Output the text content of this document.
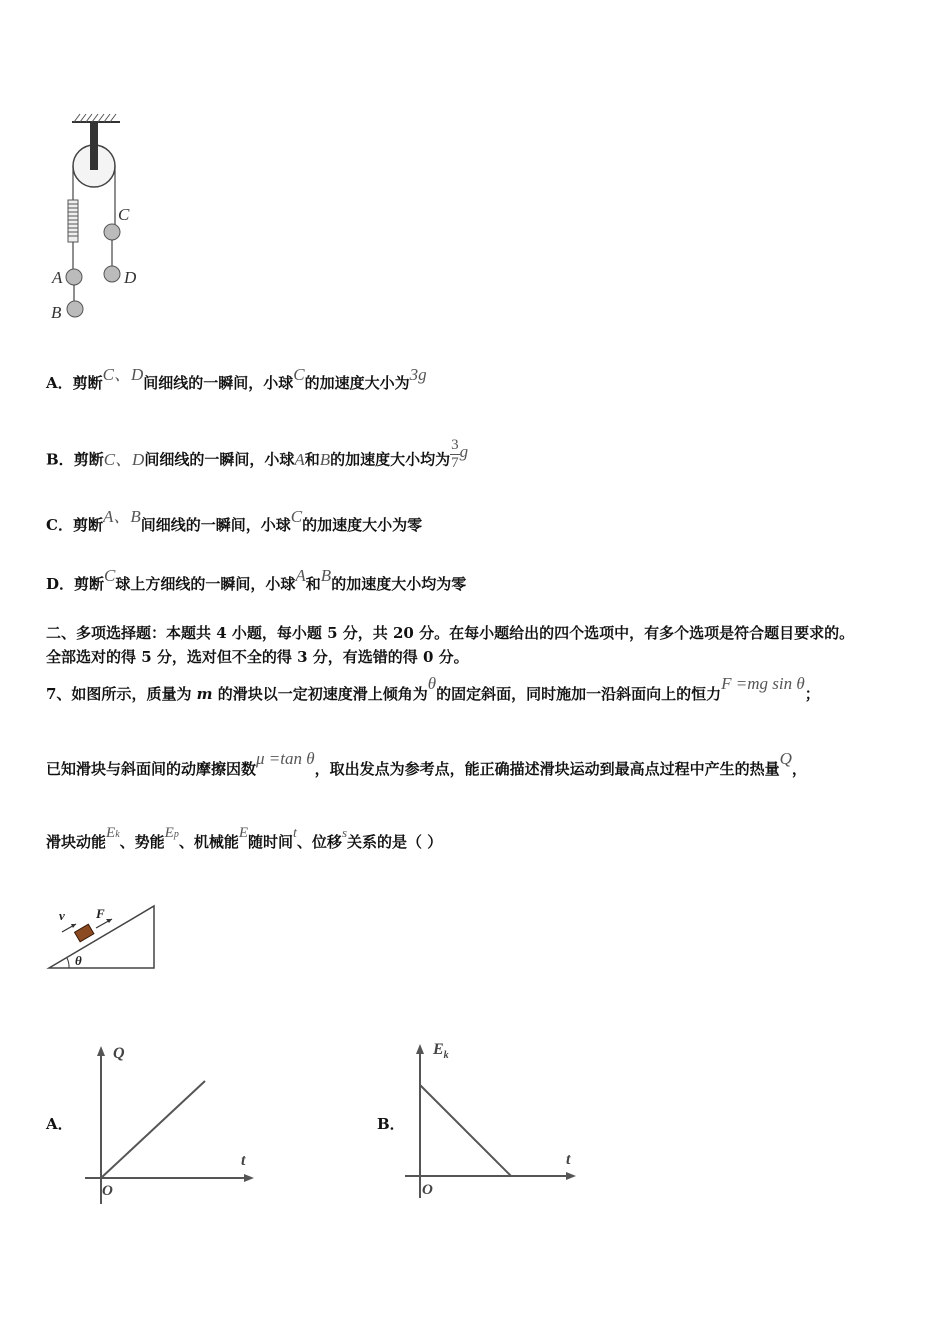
A
B
C
D
A．剪断C、D间细线的一瞬间，小球C的加速度大小为3g
B．剪断C、D间细线的一瞬间，小球A和B的加速度大小均为 $\frac{3}{7}$ g
C．剪断A、B间细线的一瞬间，小球C的加速度大小为零
D．剪断C球上方细线的一瞬间，小球A和B的加速度大小均为零
二、多项选择题：本题共 4 小题，每小题 5 分，共 20 分。在每小题给出的四个选项中，有多个选项是符合题目要求的。
全部选对的得 5 分，选对但不全的得 3 分，有选错的得 0 分。
7、如图所示，质量为 m 的滑块以一定初速度滑上倾角为θ的固定斜面，同时施加一沿斜面向上的恒力F =mg sin θ；
已知滑块与斜面间的动摩擦因数μ =tan θ，取出发点为参考点，能正确描述滑块运动到最高点过程中产生的热量Q，
滑块动能Ek、势能Ep、机械能E随时间t、位移s关系的是（ ）
v F
θ
A．
Q
t
O
B．
$E_k$
t
O
